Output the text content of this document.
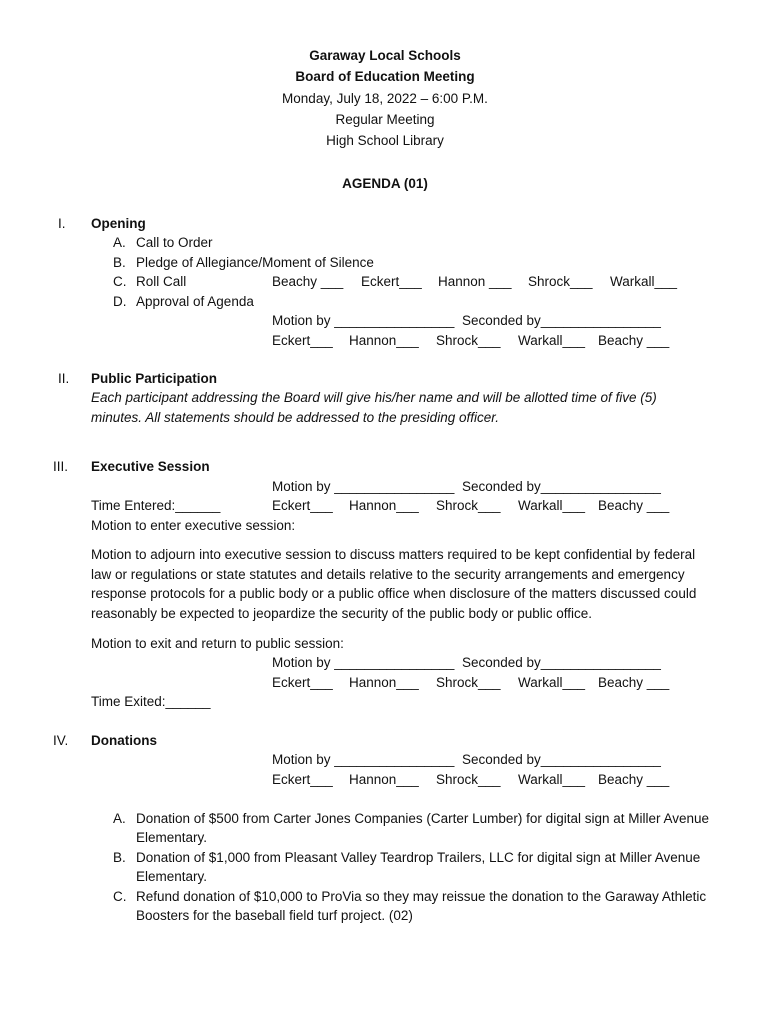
Garaway Local Schools
Board of Education Meeting
Monday, July 18, 2022 – 6:00 P.M.
Regular Meeting
High School Library
AGENDA (01)
I. Opening
A. Call to Order
B. Pledge of Allegiance/Moment of Silence
C. Roll Call	Beachy ___ Eckert___ Hannon ___ Shrock___ Warkall___
D. Approval of Agenda
Motion by ________________ Seconded by________________
Eckert___ Hannon___ Shrock___ Warkall___ Beachy ___
II. Public Participation
Each participant addressing the Board will give his/her name and will be allotted time of five (5)
minutes. All statements should be addressed to the presiding officer.
III. Executive Session
Motion by ________________ Seconded by________________
Time Entered:______	Eckert___ Hannon___ Shrock___ Warkall___ Beachy ___
Motion to enter executive session:
Motion to adjourn into executive session to discuss matters required to be kept confidential by federal
law or regulations or state statutes and details relative to the security arrangements and emergency
response protocols for a public body or a public office when disclosure of the matters discussed could
reasonably be expected to jeopardize the security of the public body or public office.
Motion to exit and return to public session:
Motion by ________________ Seconded by________________
Eckert___ Hannon___ Shrock___ Warkall___ Beachy ___
Time Exited:______
IV. Donations
Motion by ________________ Seconded by________________
Eckert___ Hannon___ Shrock___ Warkall___ Beachy ___
A. Donation of $500 from Carter Jones Companies (Carter Lumber) for digital sign at Miller Avenue
Elementary.
B. Donation of $1,000 from Pleasant Valley Teardrop Trailers, LLC for digital sign at Miller Avenue
Elementary.
C. Refund donation of $10,000 to ProVia so they may reissue the donation to the Garaway Athletic
Boosters for the baseball field turf project. (02)
